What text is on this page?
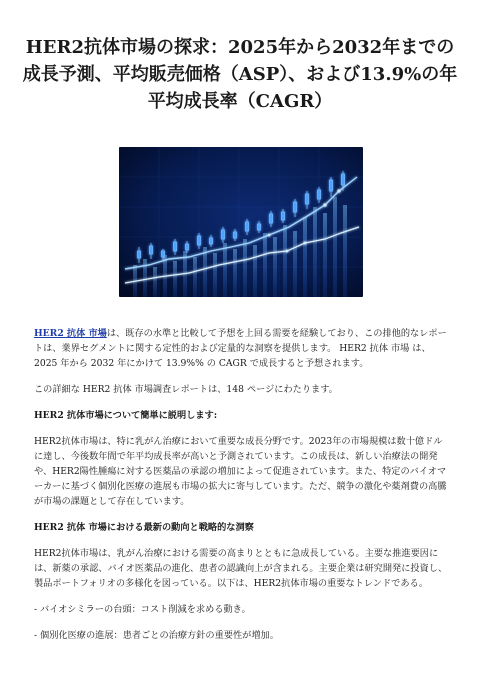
HER2抗体市場の探求：2025年から2032年までの成長予測、平均販売価格（ASP）、および13.9%の年平均成長率（CAGR）

HER2 抗体 市場は、既存の水準と比較して予想を上回る需要を経験しており、この排他的なレポートは、業界セグメントに関する定性的および定量的な洞察を提供します。 HER2 抗体 市場 は、2025 年から 2032 年にかけて 13.9%% の CAGR で成長すると予想されます。

この詳細な HER2 抗体 市場調査レポートは、148 ページにわたります。

HER2 抗体市場について簡単に説明します:

HER2抗体市場は、特に乳がん治療において重要な成長分野です。2023年の市場規模は数十億ドルに達し、今後数年間で年平均成長率が高いと予測されています。この成長は、新しい治療法の開発や、HER2陽性腫瘍に対する医薬品の承認の増加によって促進されています。また、特定のバイオマーカーに基づく個別化医療の進展も市場の拡大に寄与しています。ただ、競争の激化や薬剤費の高騰が市場の課題として存在しています。

HER2 抗体 市場における最新の動向と戦略的な洞察

HER2抗体市場は、乳がん治療における需要の高まりとともに急成長している。主要な推進要因には、新薬の承認、バイオ医薬品の進化、患者の認識向上が含まれる。主要企業は研究開発に投資し、製品ポートフォリオの多様化を図っている。以下は、HER2抗体市場の重要なトレンドである。

- バイオシミラーの台頭：コスト削減を求める動き。

- 個別化医療の進展：患者ごとの治療方針の重要性が増加。
